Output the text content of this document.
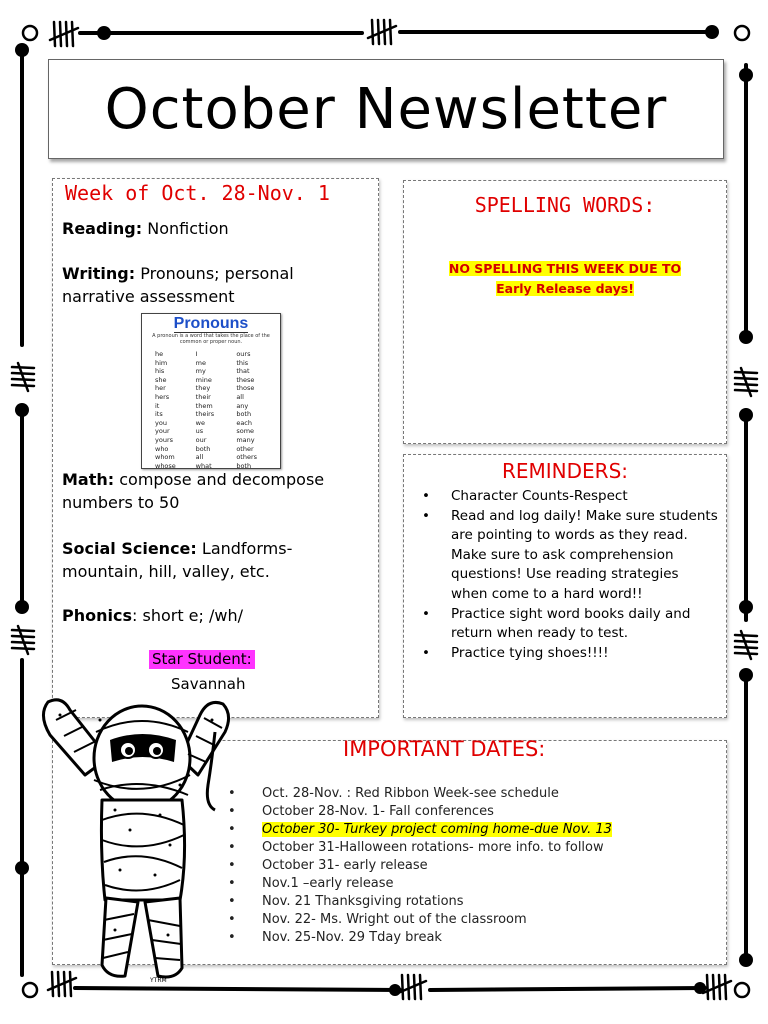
October Newsletter
Week of Oct. 28-Nov. 1
Reading: Nonfiction
Writing: Pronouns; personal narrative assessment
Pronouns
A pronoun is a word that takes the place of the common or proper noun.
he	I	ours
him	me	this
his	my	that
she	mine	these
her	they	those
hers	their	all
it	them	any
its	theirs	both
you	we	each
your	us	some
yours	our	many
who	both	other
whom	all	others
whose	what	both
Math: compose and decompose numbers to 50
Social Science: Landforms- mountain, hill, valley, etc.
Phonics: short e; /wh/
Star Student:
Savannah
SPELLING WORDS:
NO SPELLING THIS WEEK DUE TO
Early Release days!
REMINDERS:
• Character Counts-Respect
• Read and log daily! Make sure students are pointing to words as they read. Make sure to ask comprehension questions! Use reading strategies when come to a hard word!!
• Practice sight word books daily and return when ready to test.
• Practice tying shoes!!!!
IMPORTANT DATES:
• Oct. 28-Nov. : Red Ribbon Week-see schedule
• October 28-Nov. 1- Fall conferences
• October 30- Turkey project coming home-due Nov. 13
• October 31-Halloween rotations- more info. to follow
• October 31- early release
• Nov.1 –early release
• Nov. 21 Thanksgiving rotations
• Nov. 22- Ms. Wright out of the classroom
• Nov. 25-Nov. 29 Tday break
YTRM
